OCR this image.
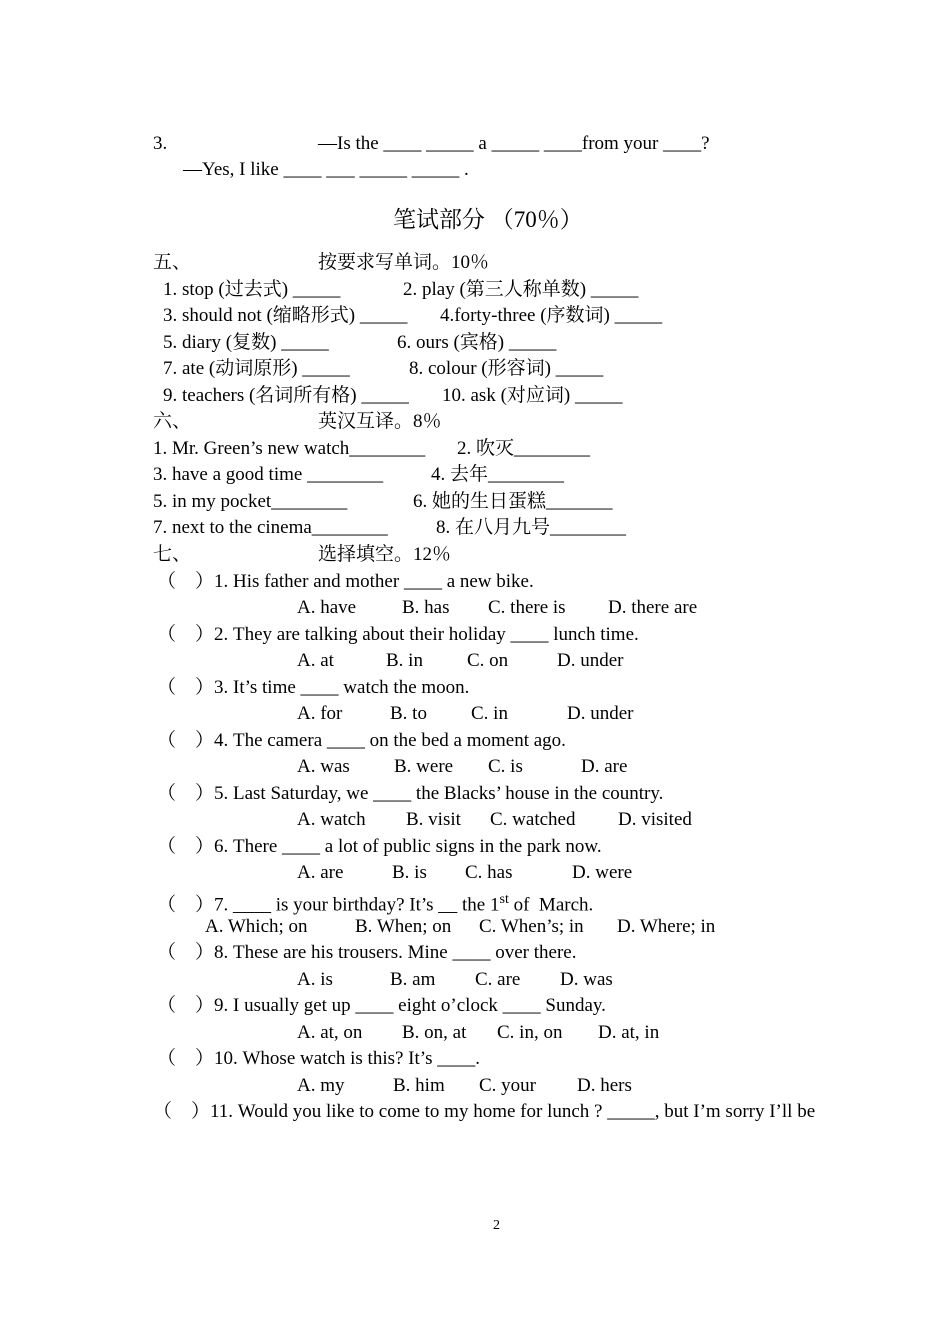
3.	—Is the ____ _____ a _____ ____from your ____?
—Yes, I like ____ ___ _____ _____ .
笔试部分 （70％）
五、	按要求写单词。10％
1. stop (过去式) _____	2. play (第三人称单数) _____
3. should not (缩略形式) _____ 4.forty-three (序数词) _____
5. diary (复数) _____	6. ours (宾格) _____
7. ate (动词原形) _____	8. colour (形容词) _____
9. teachers (名词所有格) _____ 10. ask (对应词) _____
六、	英汉互译。8％
1. Mr. Green’s new watch________ 2. 吹灭________
3. have a good time ________	4. 去年________
5. in my pocket________	6. 她的生日蛋糕_______
7. next to the cinema________	8. 在八月九号________
七、	选择填空。12％
（　）1. His father and mother ____ a new bike.
A. have B. has C. there is D. there are
（　）2. They are talking about their holiday ____ lunch time.
A. at	B. in C. on	D. under
（　）3. It’s time ____ watch the moon.
A. for	B. to C. in	D. under
（　）4. The camera ____ on the bed a moment ago.
A. was B. were C. is	D. are
（　）5. Last Saturday, we ____ the Blacks’ house in the country.
A. watch B. visit C. watched D. visited
（　）6. There ____ a lot of public signs in the park now.
A. are	B. is C. has	D. were
（　）7. ____ is your birthday? It’s __ the 1st of  March.
A. Which; on B. When; on C. When’s; in D. Where; in
（　）8. These are his trousers. Mine ____ over there.
A. is	B. am C. are D. was
（　）9. I usually get up ____ eight o’clock ____ Sunday.
A. at, on B. on, at C. in, on D. at, in
（　）10. Whose watch is this? It’s ____.
A. my	B. him C. your D. hers
（　）11. Would you like to come to my home for lunch ? _____, but I’m sorry I’ll be
2
